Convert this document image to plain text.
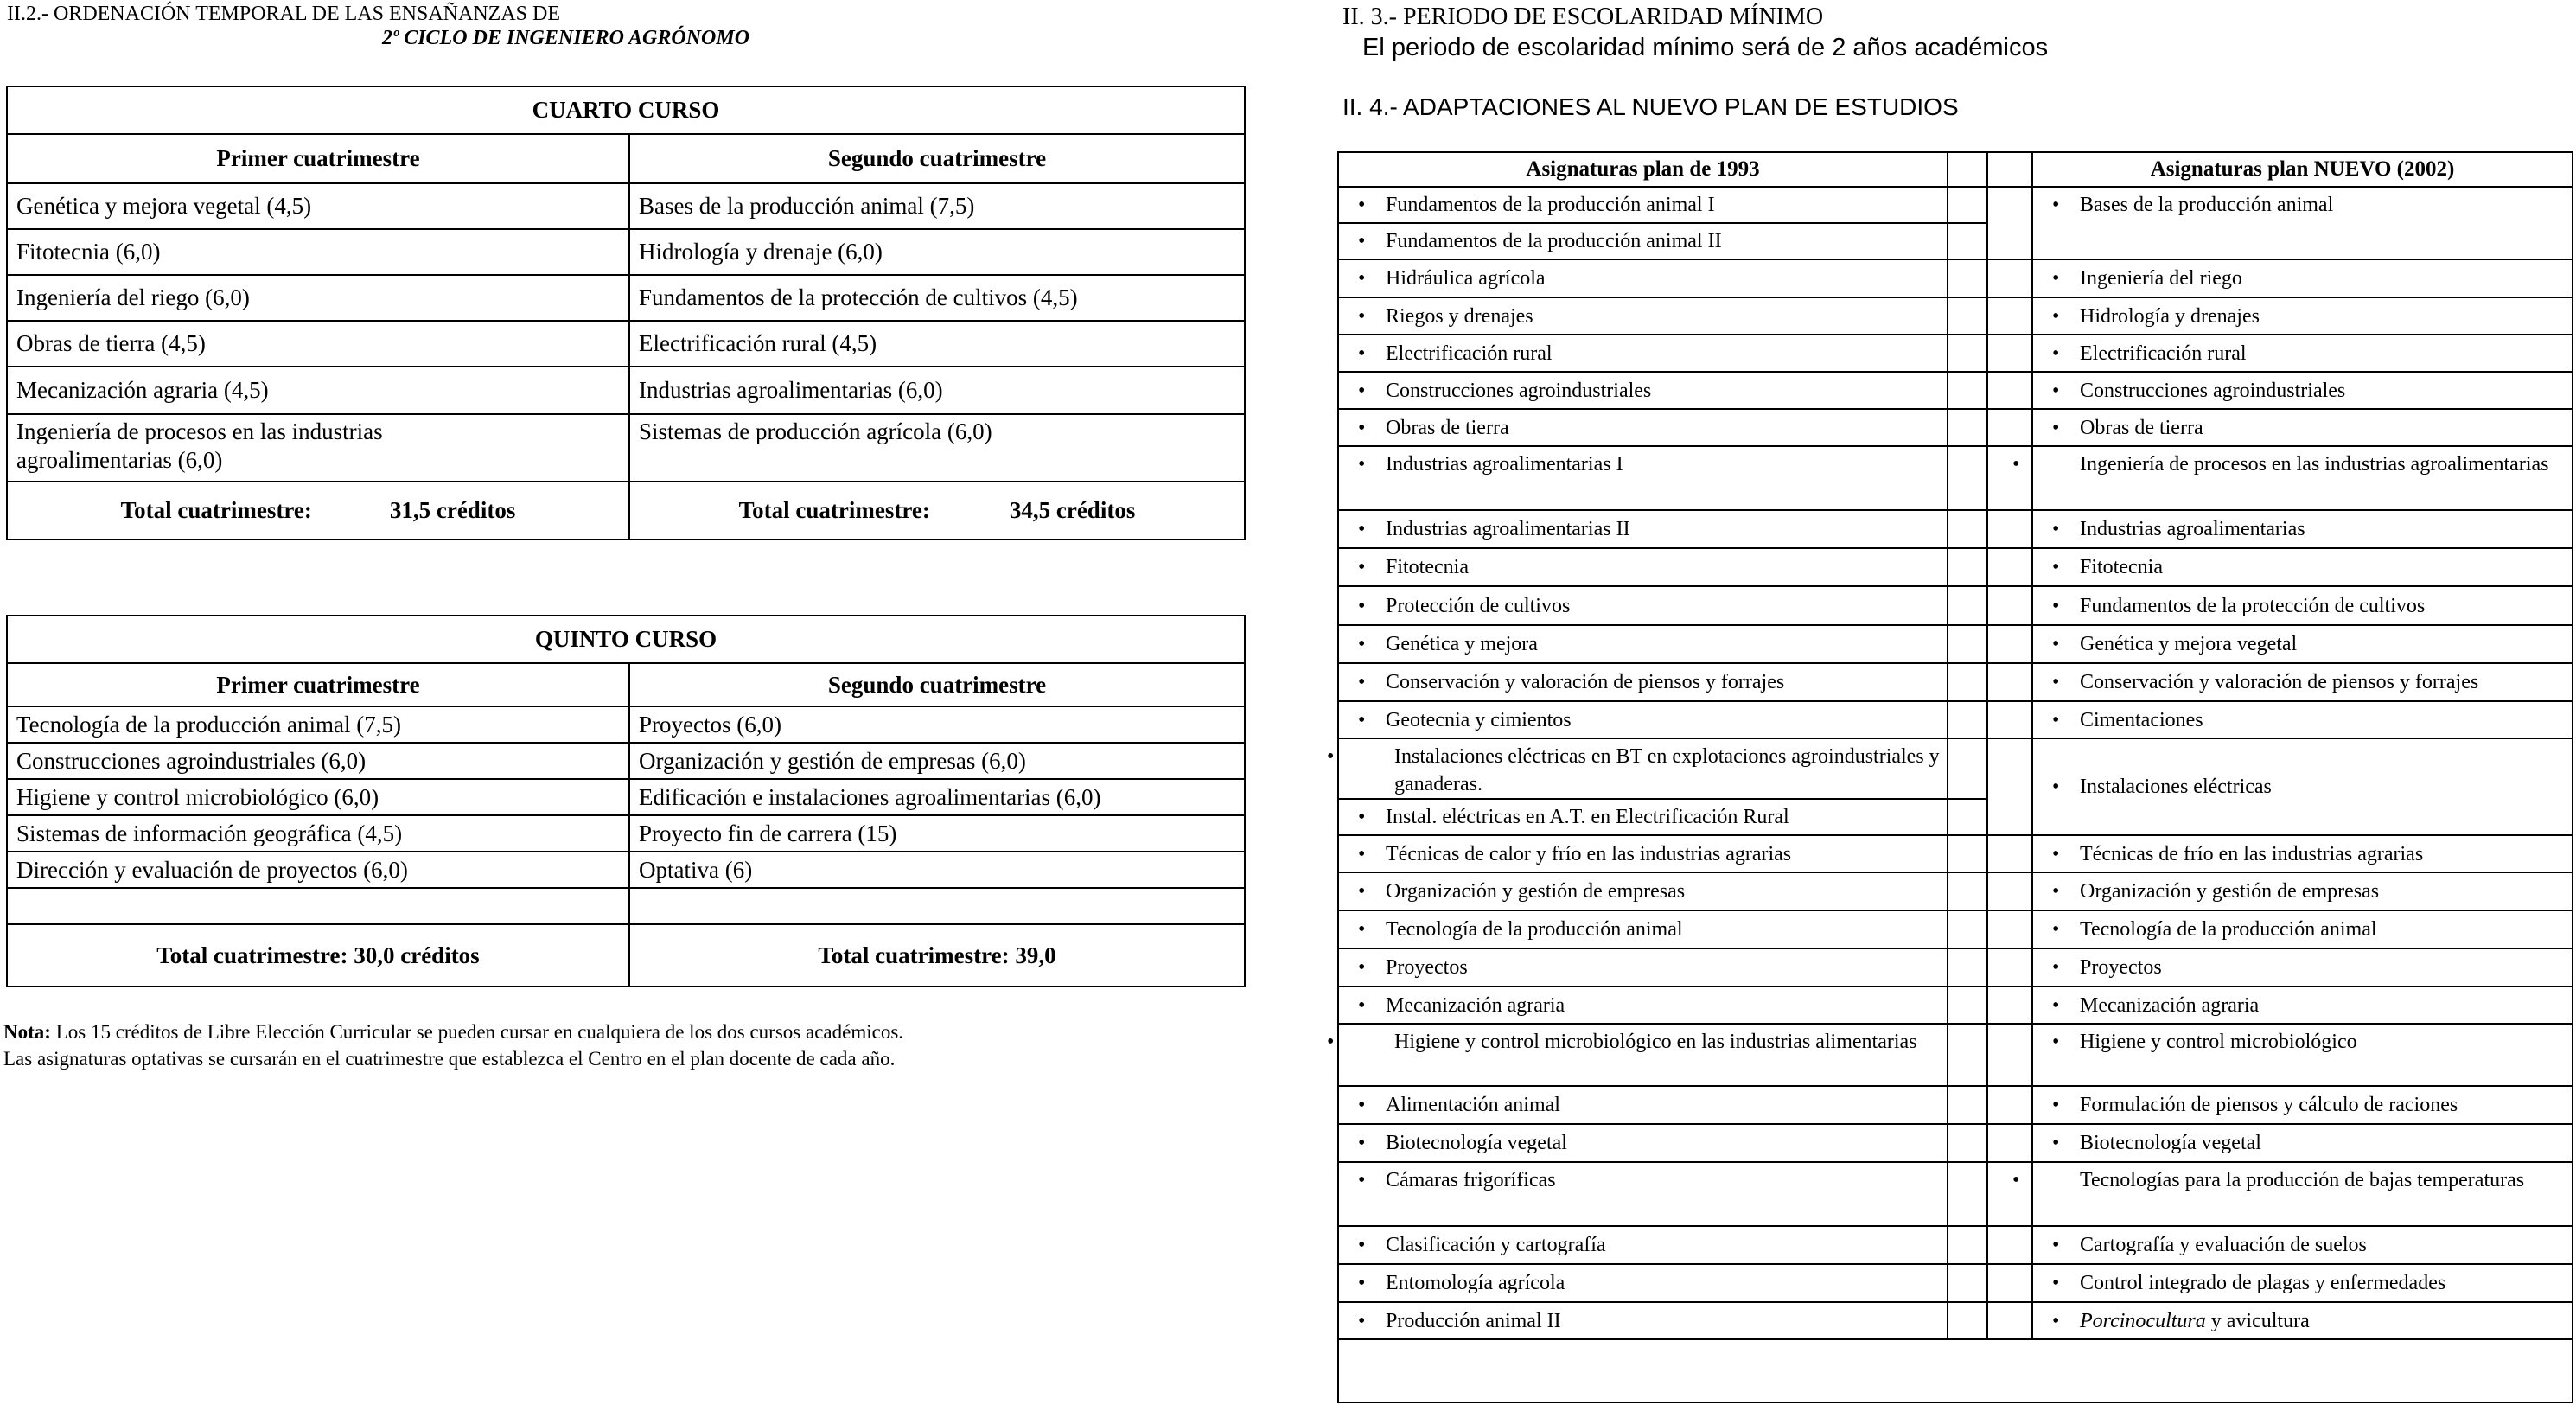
II.2.- ORDENACIÓN TEMPORAL DE LAS ENSAÑANZAS DE
2º CICLO DE INGENIERO AGRÓNOMO
CUARTO CURSO	
Primer cuatrimestre	Segundo cuatrimestre
Genética y mejora vegetal (4,5)	Bases de la producción animal (7,5)
Fitotecnia (6,0)	Hidrología y drenaje (6,0)
Ingeniería del riego (6,0)	Fundamentos de la protección de cultivos (4,5)
Obras de tierra (4,5)	Electrificación rural (4,5)
Mecanización agraria (4,5)	Industrias agroalimentarias (6,0)
Ingeniería de procesos en las industrias agroalimentarias (6,0)	Sistemas de producción agrícola (6,0)

Total cuatrimestre: 31,5 créditos	Total cuatrimestre: 34,5 créditos
QUINTO CURSO	
Primer cuatrimestre	Segundo cuatrimestre
Tecnología de la producción animal (7,5)	Proyectos (6,0)
Construcciones agroindustriales (6,0)	Organización y gestión de empresas (6,0)
Higiene y control microbiológico (6,0)	Edificación e instalaciones agroalimentarias (6,0)
Sistemas de información geográfica (4,5)	Proyecto fin de carrera (15)
Dirección y evaluación de proyectos (6,0)	Optativa (6)

Total cuatrimestre: 30,0 créditos	Total cuatrimestre: 39,0
Nota: Los 15 créditos de Libre Elección Curricular se pueden cursar en cualquiera de los dos cursos académicos.
Las asignaturas optativas se cursarán en el cuatrimestre que establezca el Centro en el plan docente de cada año.
II. 3.- PERIODO DE ESCOLARIDAD MÍNIMO
El periodo de escolaridad mínimo será de 2 años académicos
II. 4.- ADAPTACIONES AL NUEVO PLAN DE ESTUDIOS
Asignaturas plan de 1993			Asignaturas plan NUEVO (2002)
• Fundamentos de la producción animal I			• Bases de la producción animal
• Fundamentos de la producción animal II			
• Hidráulica agrícola			• Ingeniería del riego
• Riegos y drenajes			• Hidrología y drenajes
• Electrificación rural			• Electrificación rural
• Construcciones agroindustriales			• Construcciones agroindustriales
• Obras de tierra			• Obras de tierra
• Industrias agroalimentarias I			• Ingeniería de procesos en las industrias agroalimentarias

• Industrias agroalimentarias II			• Industrias agroalimentarias
• Fitotecnia			• Fitotecnia
• Protección de cultivos			• Fundamentos de la protección de cultivos
• Genética y mejora			• Genética y mejora vegetal
• Conservación y valoración de piensos y forrajes			• Conservación y valoración de piensos y forrajes
• Geotecnia y cimientos			• Cimentaciones

• Instalaciones eléctricas en BT en explotaciones agroindustriales y ganaderas.			• Instalaciones eléctricas
• Instal. eléctricas en A.T. en Electrificación Rural			
• Técnicas de calor y frío en las industrias agrarias			• Técnicas de frío en las industrias agrarias
• Organización y gestión de empresas			• Organización y gestión de empresas
• Tecnología de la producción animal			• Tecnología de la producción animal
• Proyectos			• Proyectos
• Mecanización agraria			• Mecanización agraria

• Higiene y control microbiológico en las industrias alimentarias			• Higiene y control microbiológico
• Alimentación animal			• Formulación de piensos y cálculo de raciones
• Biotecnología vegetal			• Biotecnología vegetal
• Cámaras frigoríficas			• Tecnologías para la producción de bajas temperaturas

• Clasificación y cartografía			• Cartografía y evaluación de suelos
• Entomología agrícola			• Control integrado de plagas y enfermedades
• Producción animal II			• Porcinocultura y avicultura
